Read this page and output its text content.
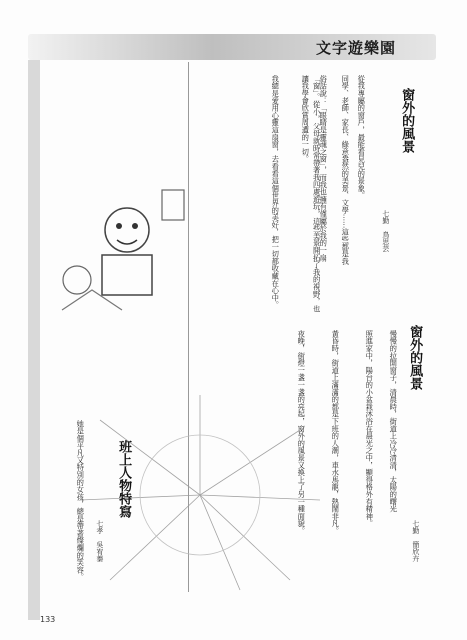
文字遊樂園
窗外的風景
七勤　鳥思芸
從我專屬的窗戶，最能看見兒的景象。
同學、老師、家長、綠意盎然的美景、文學……這些都是我
俗話說：「眼睛是靈魂之窗」，而我也擁有僅屬於我的一扇
「窗」。從小，父母就時常帶著我四處遊玩，這些美景開拓了我的視野，也讓我學會欣賞周遭的一切。
我總是愛用心靈這扇窗，去看看這個世界的美好，把一切都收藏在心中。
窗外的風景
七勤　簡欣卉
慢慢的拉開窗子，清晨時，街道上冷冷清清，太陽的曙光
照進家中，陽台的小盆栽沐浴在晨光之中，顯得格外有精神。
黃昏時，街道上滿滿的都是下班的人潮，車水馬龍，熱鬧非凡。
夜晚，街燈一盞一盞的亮起，窗外的風景又換上了另一種面貌。
班上人物特寫
七孝　吳宥蓁
她是個平凡又特別的女孩，總是帶著燦爛的笑容。
133
